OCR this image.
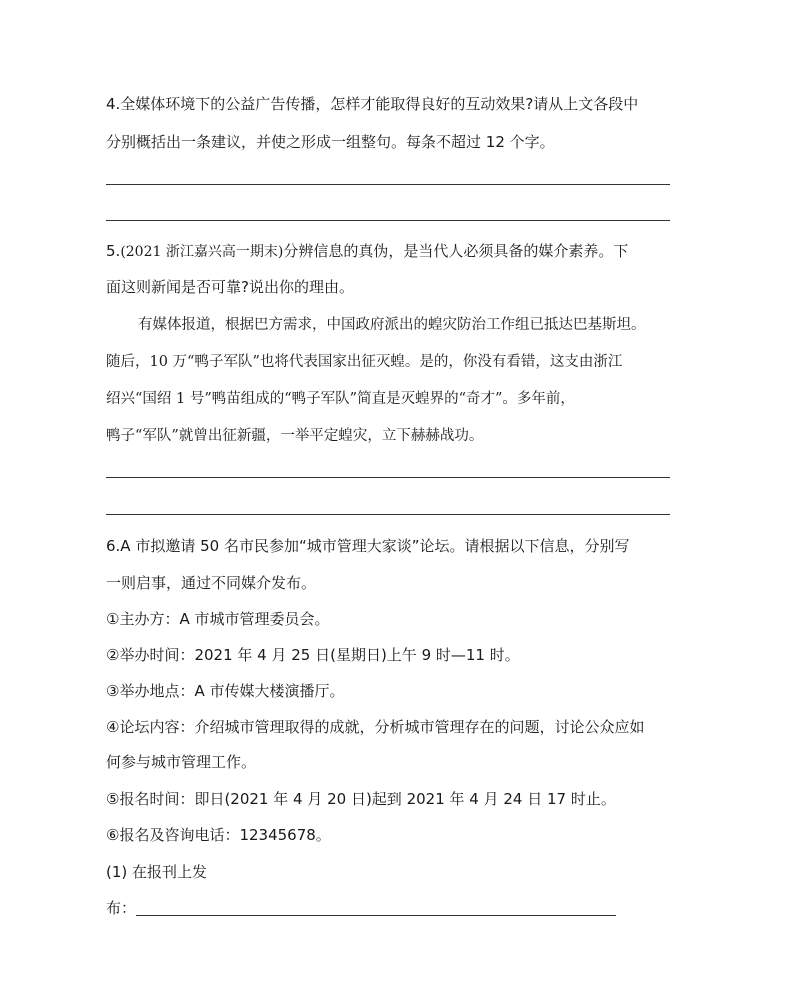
4.全媒体环境下的公益广告传播，怎样才能取得良好的互动效果?请从上文各段中
分别概括出一条建议，并使之形成一组整句。每条不超过 12 个字。
5.(2021 浙江嘉兴高一期末)分辨信息的真伪，是当代人必须具备的媒介素养。下
面这则新闻是否可靠?说出你的理由。
有媒体报道，根据巴方需求，中国政府派出的蝗灾防治工作组已抵达巴基斯坦。
随后，10 万“鸭子军队”也将代表国家出征灭蝗。是的，你没有看错，这支由浙江
绍兴“国绍 1 号”鸭苗组成的“鸭子军队”简直是灭蝗界的“奇才”。多年前，
鸭子“军队”就曾出征新疆，一举平定蝗灾，立下赫赫战功。
6.A 市拟邀请 50 名市民参加“城市管理大家谈”论坛。请根据以下信息，分别写
一则启事，通过不同媒介发布。
①主办方：A 市城市管理委员会。
②举办时间：2021 年 4 月 25 日(星期日)上午 9 时—11 时。
③举办地点：A 市传媒大楼演播厅。
④论坛内容：介绍城市管理取得的成就，分析城市管理存在的问题，讨论公众应如
何参与城市管理工作。
⑤报名时间：即日(2021 年 4 月 20 日)起到 2021 年 4 月 24 日 17 时止。
⑥报名及咨询电话：12345678。
(1) 在报刊上发
布：
